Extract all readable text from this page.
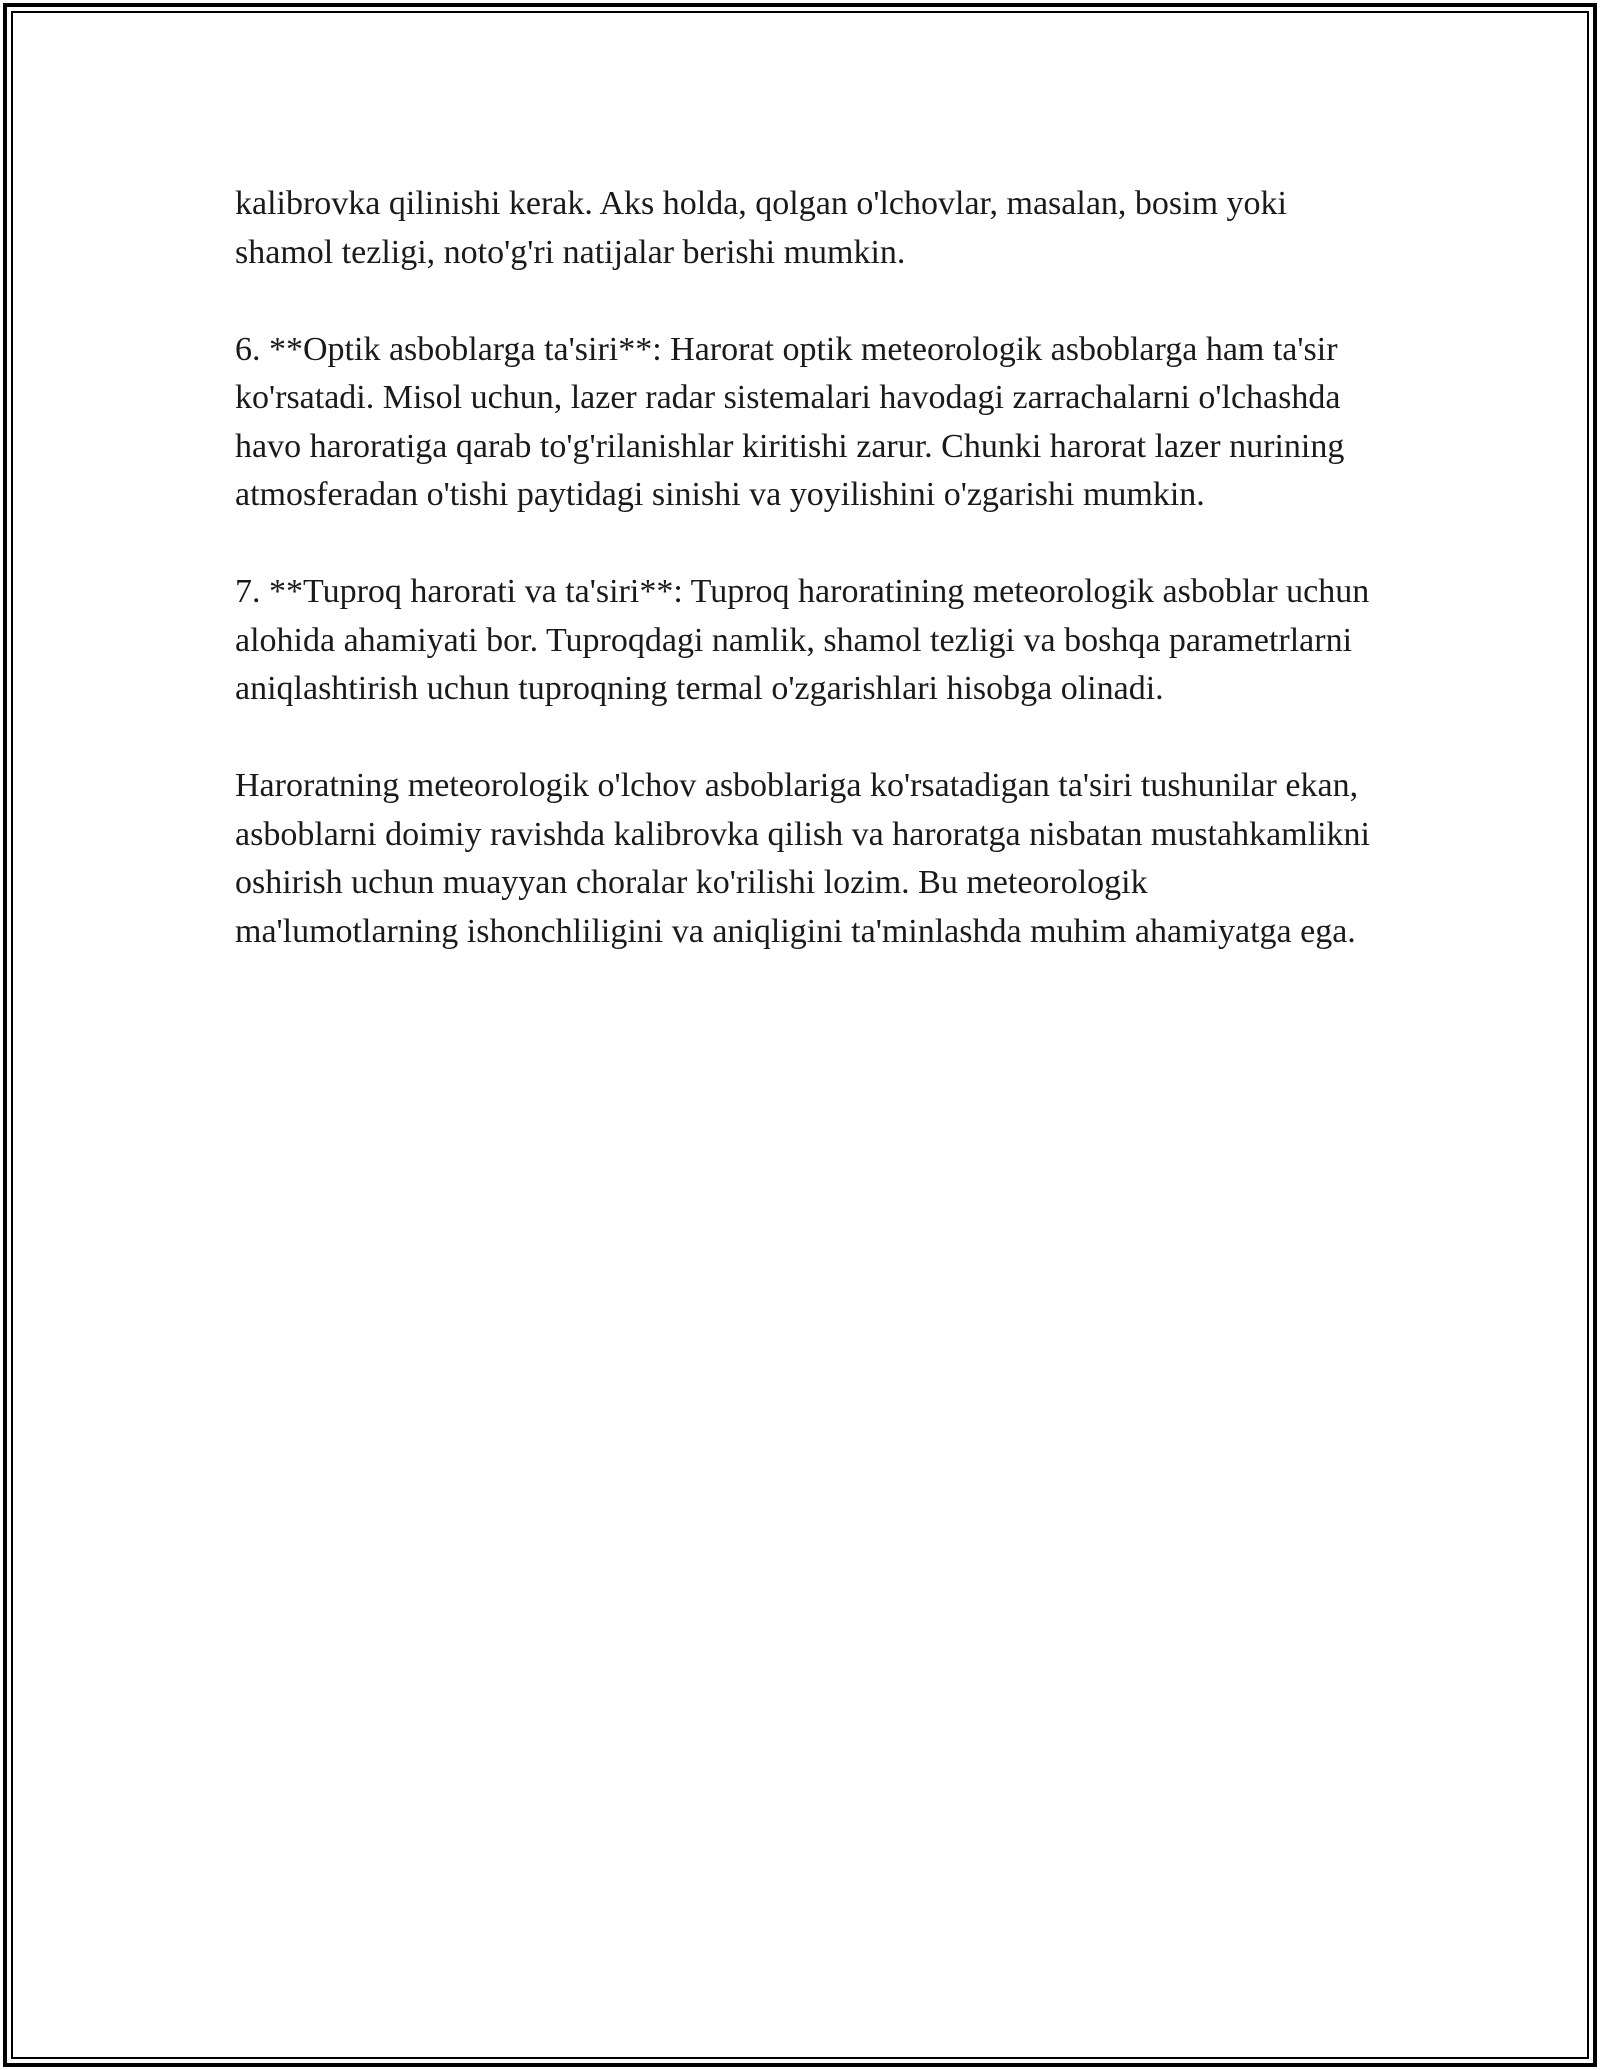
kalibrovka qilinishi kerak. Aks holda, qolgan o'lchovlar, masalan, bosim yoki shamol tezligi, noto'g'ri natijalar berishi mumkin.

6. **Optik asboblarga ta'siri**: Harorat optik meteorologik asboblarga ham ta'sir ko'rsatadi. Misol uchun, lazer radar sistemalari havodagi zarrachalarni o'lchashda havo haroratiga qarab to'g'rilanishlar kiritishi zarur. Chunki harorat lazer nurining atmosferadan o'tishi paytidagi sinishi va yoyilishini o'zgarishi mumkin.

7. **Tuproq harorati va ta'siri**: Tuproq haroratining meteorologik asboblar uchun alohida ahamiyati bor. Tuproqdagi namlik, shamol tezligi va boshqa parametrlarni aniqlashtirish uchun tuproqning termal o'zgarishlari hisobga olinadi.

Haroratning meteorologik o'lchov asboblariga ko'rsatadigan ta'siri tushunilar ekan, asboblarni doimiy ravishda kalibrovka qilish va haroratga nisbatan mustahkamlikni oshirish uchun muayyan choralar ko'rilishi lozim. Bu meteorologik ma'lumotlarning ishonchliligini va aniqligini ta'minlashda muhim ahamiyatga ega.
